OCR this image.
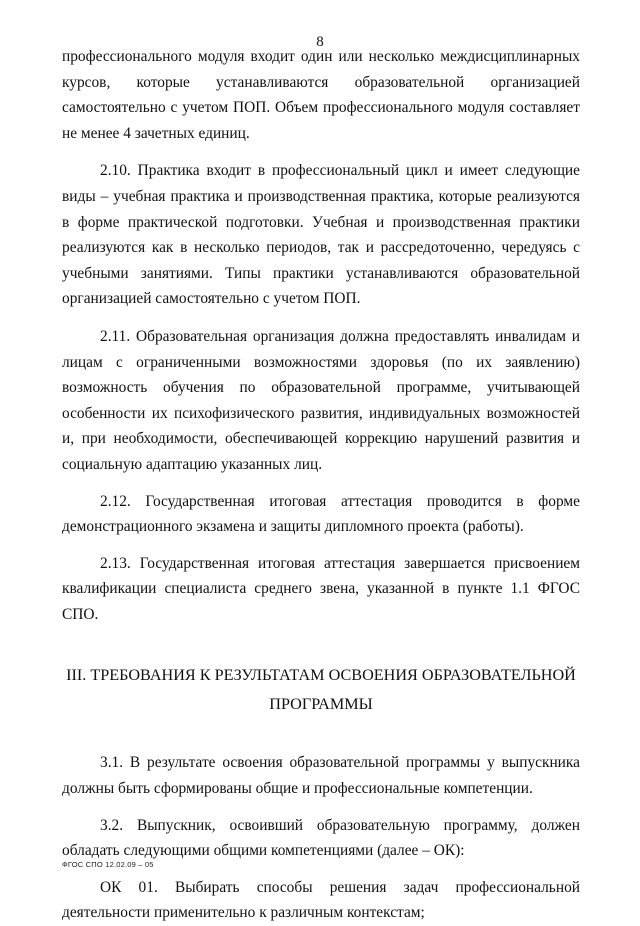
8

профессионального модуля входит один или несколько междисциплинарных курсов, которые устанавливаются образовательной организацией самостоятельно с учетом ПОП. Объем профессионального модуля составляет не менее 4 зачетных единиц.

2.10. Практика входит в профессиональный цикл и имеет следующие виды – учебная практика и производственная практика, которые реализуются в форме практической подготовки. Учебная и производственная практики реализуются как в несколько периодов, так и рассредоточенно, чередуясь с учебными занятиями. Типы практики устанавливаются образовательной организацией самостоятельно с учетом ПОП.

2.11. Образовательная организация должна предоставлять инвалидам и лицам с ограниченными возможностями здоровья (по их заявлению) возможность обучения по образовательной программе, учитывающей особенности их психофизического развития, индивидуальных возможностей и, при необходимости, обеспечивающей коррекцию нарушений развития и социальную адаптацию указанных лиц.

2.12. Государственная итоговая аттестация проводится в форме демонстрационного экзамена и защиты дипломного проекта (работы).

2.13. Государственная итоговая аттестация завершается присвоением квалификации специалиста среднего звена, указанной в пункте 1.1 ФГОС СПО.

III. ТРЕБОВАНИЯ К РЕЗУЛЬТАТАМ ОСВОЕНИЯ ОБРАЗОВАТЕЛЬНОЙ ПРОГРАММЫ

3.1. В результате освоения образовательной программы у выпускника должны быть сформированы общие и профессиональные компетенции.

3.2. Выпускник, освоивший образовательную программу, должен обладать следующими общими компетенциями (далее – ОК):

ОК 01. Выбирать способы решения задач профессиональной деятельности применительно к различным контекстам;

ФГОС СПО 12.02.09 – 05
